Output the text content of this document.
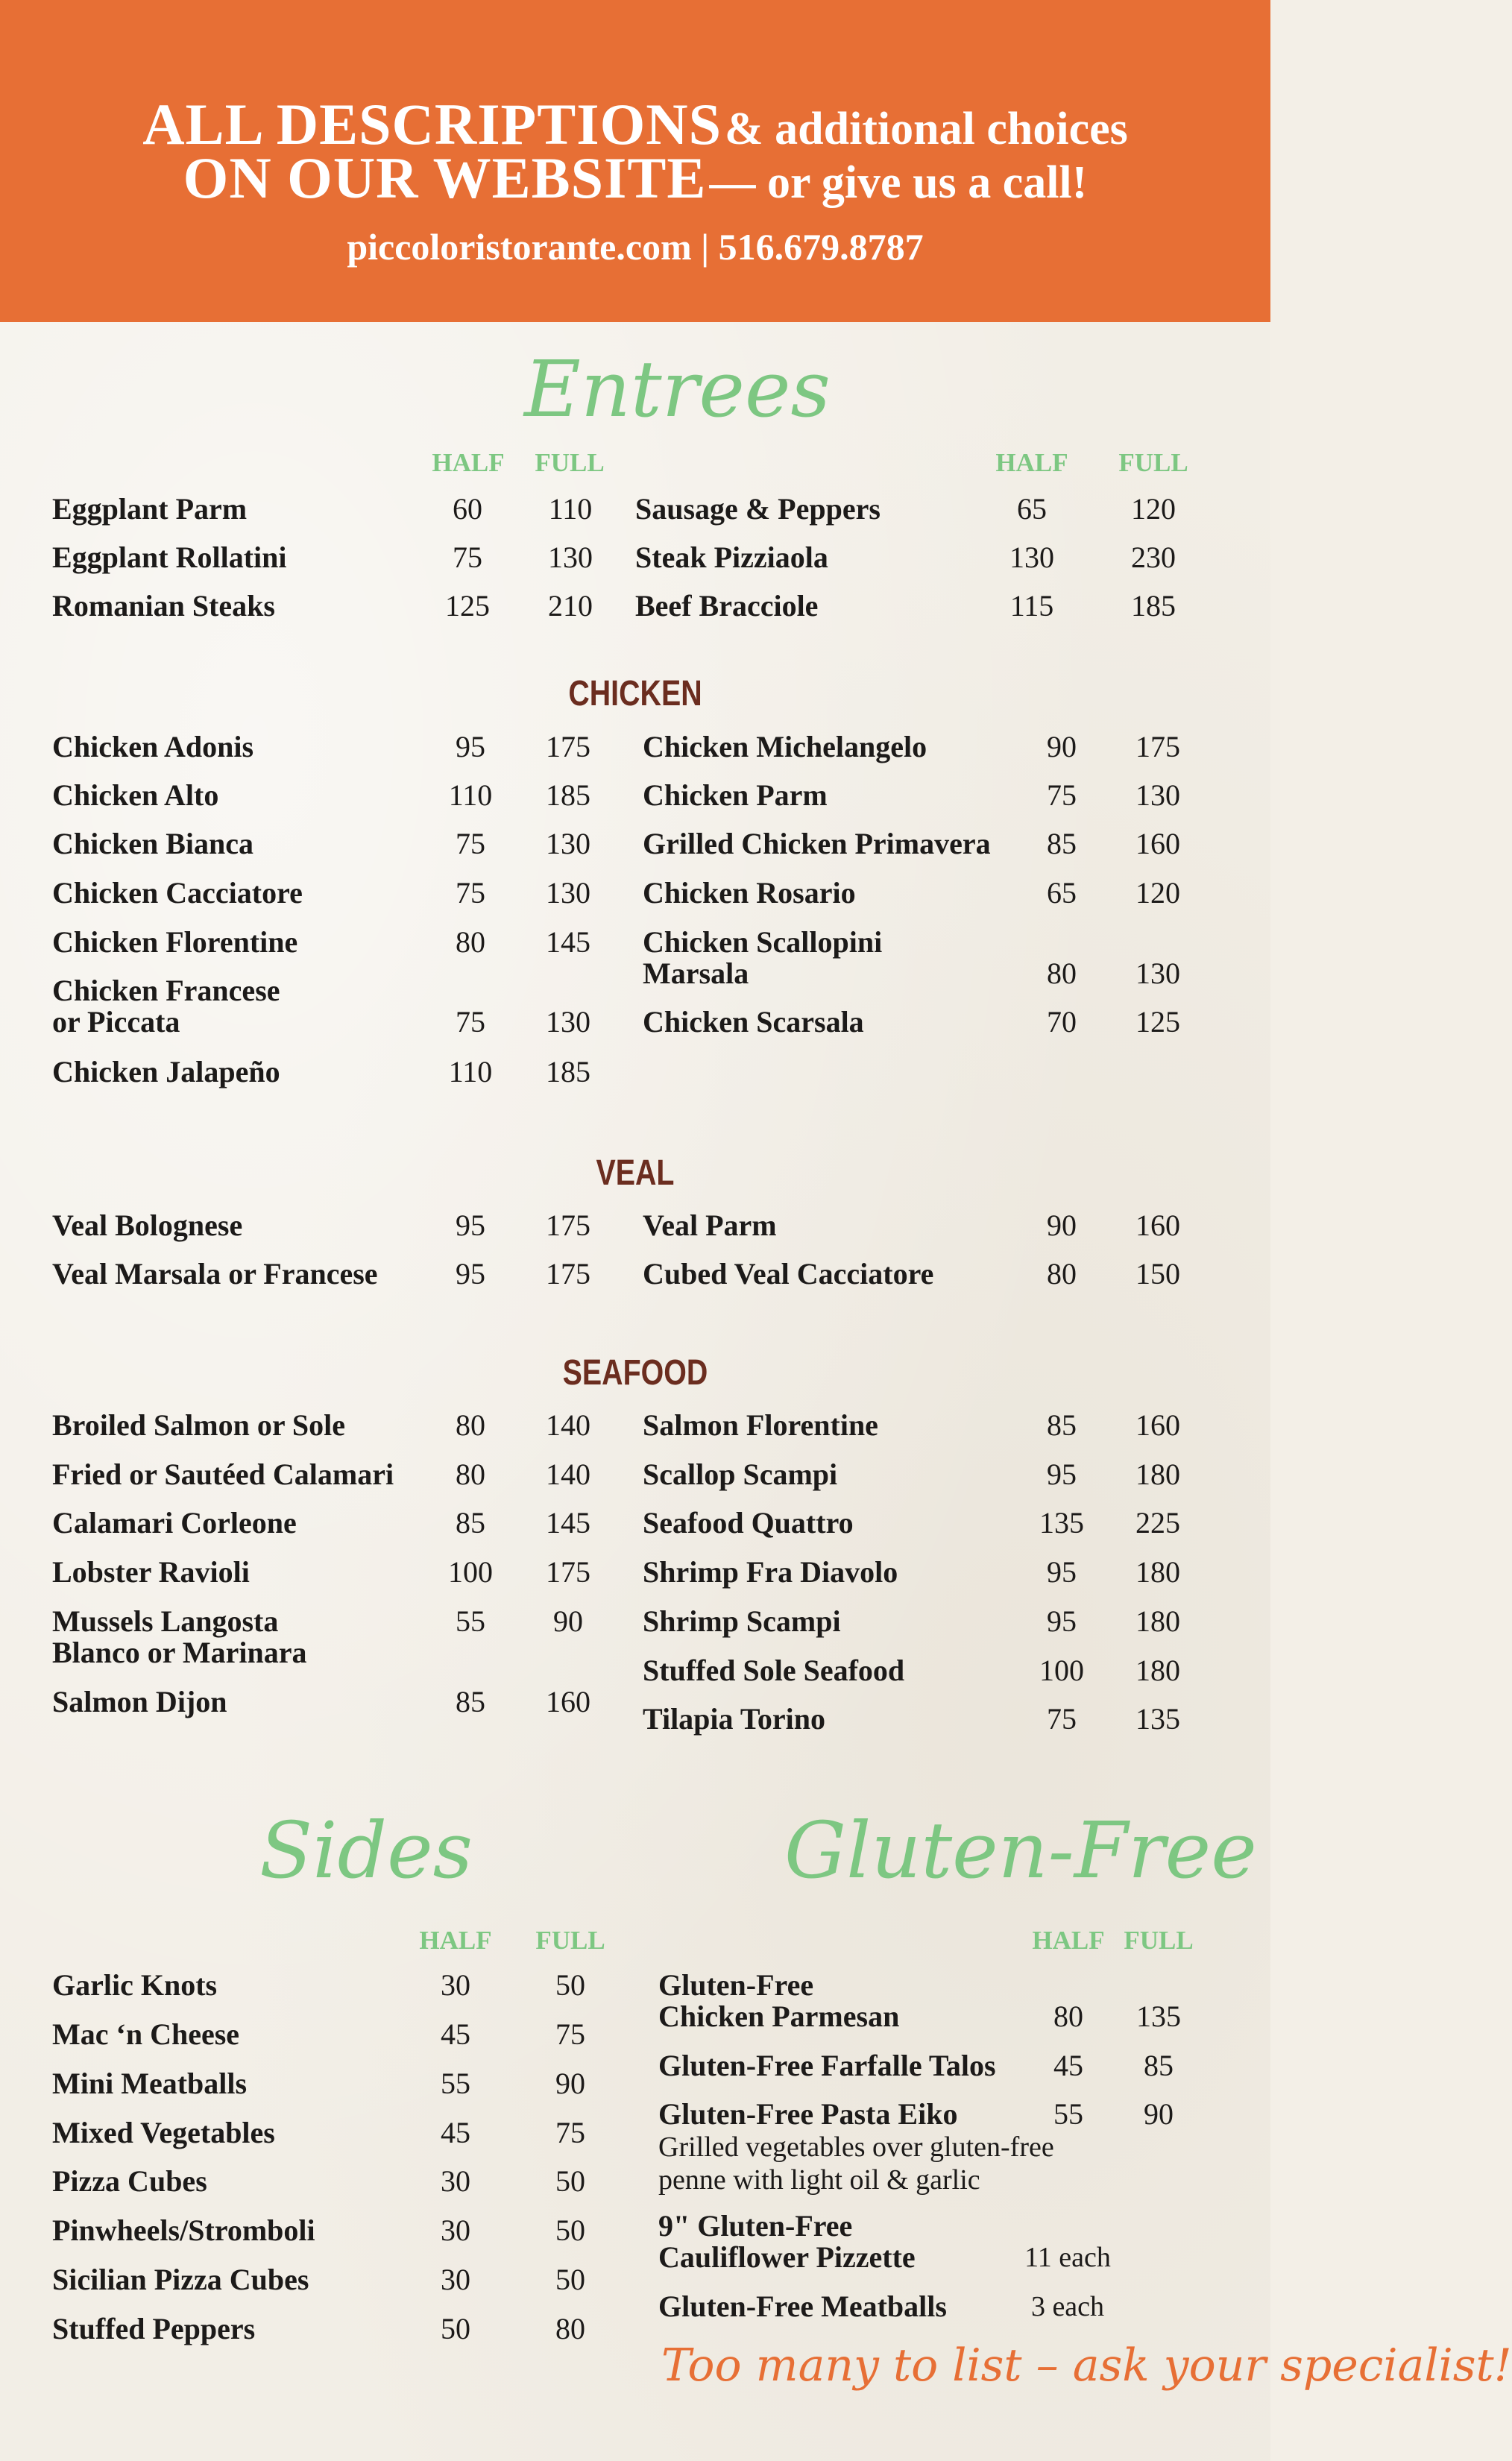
ALL DESCRIPTIONS & additional choices
ON OUR WEBSITE — or give us a call!
piccoloristorante.com | 516.679.8787
Entrees
HALF	FULL	HALF	FULL
Eggplant Parm	60	110
Eggplant Rollatini	75	130
Romanian Steaks	125	210
Sausage & Peppers	65	120
Steak Pizziaola	130	230
Beef Bracciole	115	185
CHICKEN
Chicken Adonis	95	175
Chicken Alto	110	185
Chicken Bianca	75	130
Chicken Cacciatore	75	130
Chicken Florentine	80	145
Chicken Francese
or Piccata	75	130
Chicken Jalapeño	110	185
Chicken Michelangelo	90	175
Chicken Parm	75	130
Grilled Chicken Primavera	85	160
Chicken Rosario	65	120
Chicken Scallopini
Marsala	80	130
Chicken Scarsala	70	125
VEAL
Veal Bolognese	95	175
Veal Marsala or Francese	95	175
Veal Parm	90	160
Cubed Veal Cacciatore	80	150
SEAFOOD
Broiled Salmon or Sole	80	140
Fried or Sautéed Calamari	80	140
Calamari Corleone	85	145
Lobster Ravioli	100	175
Mussels Langosta
Blanco or Marinara
55	90
Salmon Dijon	85	160
Salmon Florentine	85	160
Scallop Scampi	95	180
Seafood Quattro	135	225
Shrimp Fra Diavolo	95	180
Shrimp Scampi	95	180
Stuffed Sole Seafood	100	180
Tilapia Torino	75	135
Sides
HALF	FULL
Garlic Knots	30	50
Mac ‘n Cheese	45	75
Mini Meatballs	55	90
Mixed Vegetables	45	75
Pizza Cubes	30	50
Pinwheels/Stromboli	30	50
Sicilian Pizza Cubes	30	50
Stuffed Peppers	50	80
Gluten-Free
HALF FULL
Gluten-Free
Chicken Parmesan	80	135
Gluten-Free Farfalle Talos	45	85
Gluten-Free Pasta Eiko	55	90
Grilled vegetables over gluten-free
penne with light oil & garlic
9" Gluten-Free
Cauliflower Pizzette	11 each
Gluten-Free Meatballs	3 each
Too many to list – ask your specialist!
